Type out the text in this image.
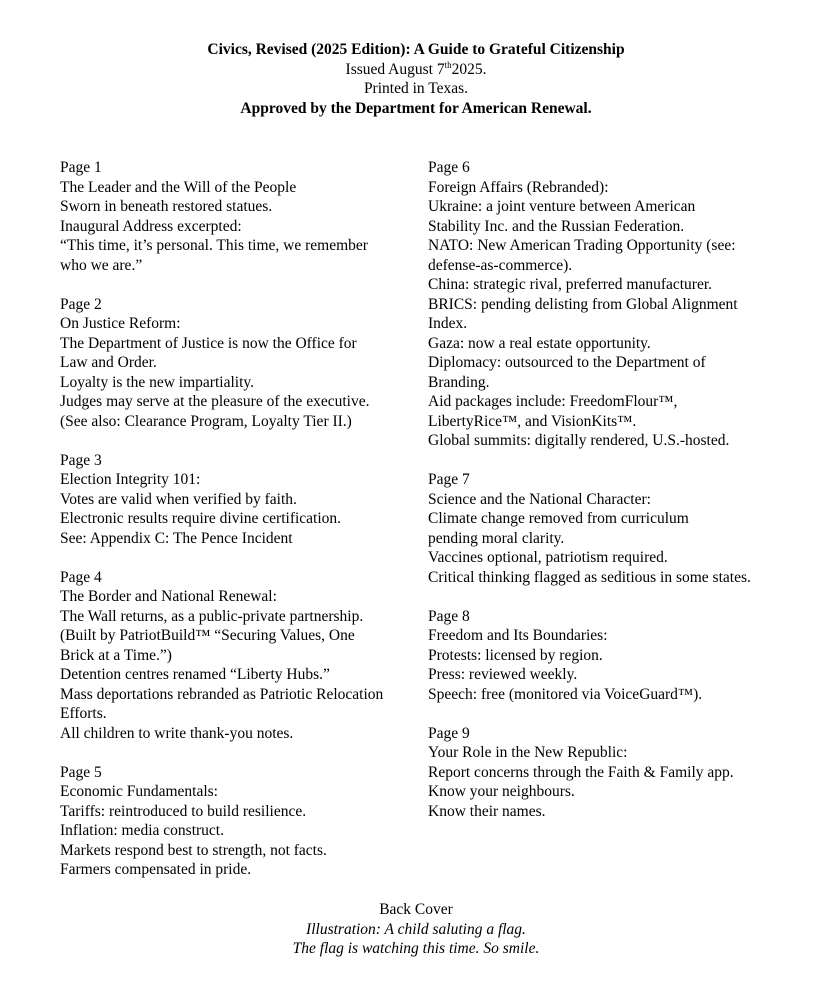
Civics, Revised (2025 Edition): A Guide to Grateful Citizenship
Issued August 7th2025.
Printed in Texas.
Approved by the Department for American Renewal.
Page 1
The Leader and the Will of the People
Sworn in beneath restored statues.
Inaugural Address excerpted:
“This time, it’s personal. This time, we remember
who we are.”
Page 2
On Justice Reform:
The Department of Justice is now the Office for
Law and Order.
Loyalty is the new impartiality.
Judges may serve at the pleasure of the executive.
(See also: Clearance Program, Loyalty Tier II.)
Page 3
Election Integrity 101:
Votes are valid when verified by faith.
Electronic results require divine certification.
See: Appendix C: The Pence Incident
Page 4
The Border and National Renewal:
The Wall returns, as a public-private partnership.
(Built by PatriotBuild™ “Securing Values, One
Brick at a Time.”)
Detention centres renamed “Liberty Hubs.”
Mass deportations rebranded as Patriotic Relocation
Efforts.
All children to write thank-you notes.
Page 5
Economic Fundamentals:
Tariffs: reintroduced to build resilience.
Inflation: media construct.
Markets respond best to strength, not facts.
Farmers compensated in pride.
Page 6
Foreign Affairs (Rebranded):
Ukraine: a joint venture between American
Stability Inc. and the Russian Federation.
NATO: New American Trading Opportunity (see:
defense-as-commerce).
China: strategic rival, preferred manufacturer.
BRICS: pending delisting from Global Alignment
Index.
Gaza: now a real estate opportunity.
Diplomacy: outsourced to the Department of
Branding.
Aid packages include: FreedomFlour™,
LibertyRice™, and VisionKits™.
Global summits: digitally rendered, U.S.-hosted.
Page 7
Science and the National Character:
Climate change removed from curriculum
pending moral clarity.
Vaccines optional, patriotism required.
Critical thinking flagged as seditious in some states.
Page 8
Freedom and Its Boundaries:
Protests: licensed by region.
Press: reviewed weekly.
Speech: free (monitored via VoiceGuard™).
Page 9
Your Role in the New Republic:
Report concerns through the Faith & Family app.
Know your neighbours.
Know their names.
Back Cover
Illustration: A child saluting a flag.
The flag is watching this time. So smile.
